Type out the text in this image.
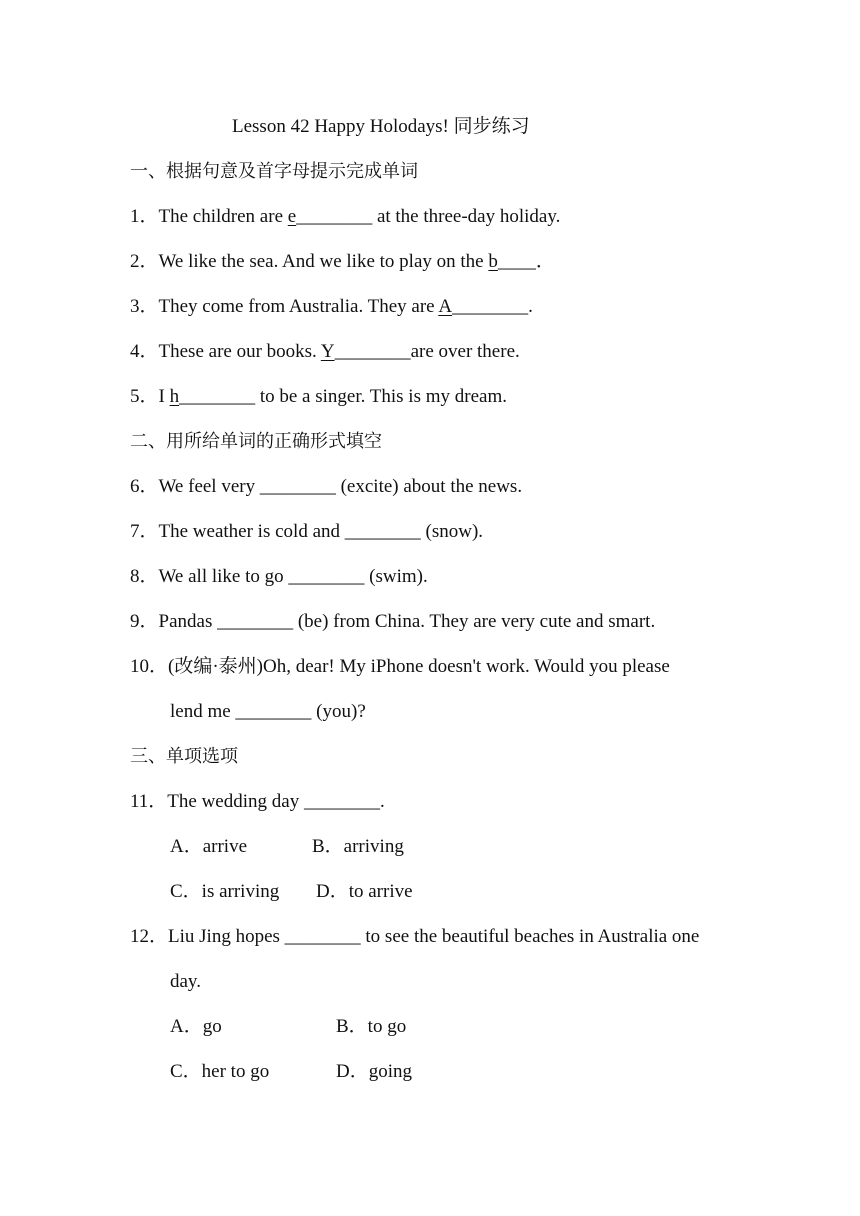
Lesson 42 Happy Holodays! 同步练习
一、根据句意及首字母提示完成单词
1．The children are e________ at the three-day holiday.
2．We like the sea. And we like to play on the b____．
3．They come from Australia. They are A________.
4．These are our books. Y________are over there.
5．I h________ to be a singer. This is my dream.
二、用所给单词的正确形式填空
6．We feel very ________ (excite) about the news.
7．The weather is cold and ________ (snow).
8．We all like to go ________ (swim).
9．Pandas ________ (be) from China. They are very cute and smart.
10．(改编·泰州)Oh, dear! My iPhone doesn't work. Would you please
lend me ________ (you)?
三、单项选项
11．The wedding day ________.
A．arrive	B．arriving
C．is arriving D．to arrive
12．Liu Jing hopes ________ to see the beautiful beaches in Australia one
day.
A．go	B．to go
C．her to go	D．going
